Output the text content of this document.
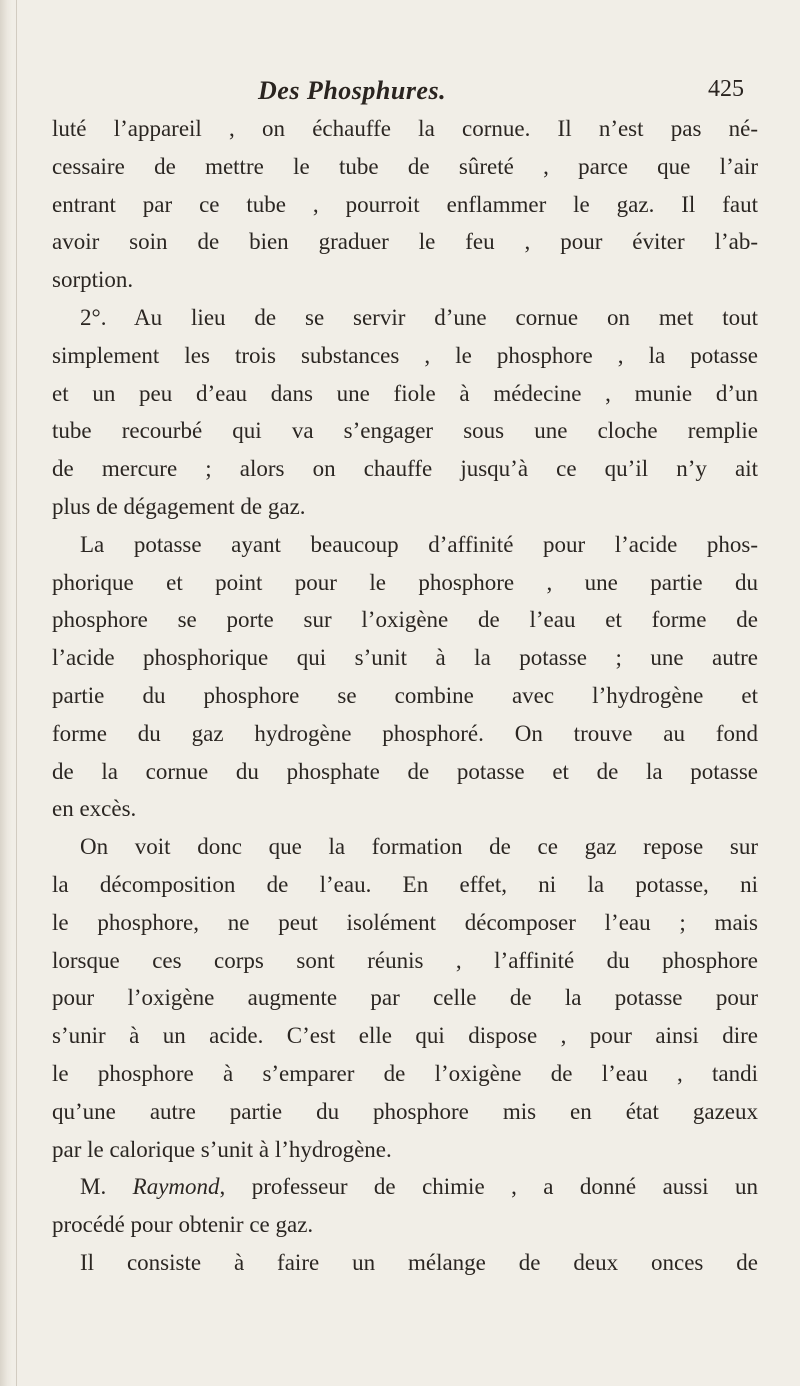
Des Phosphures.	425
luté l’appareil , on échauffe la cornue. Il n’est pas né-
cessaire de mettre le tube de sûreté , parce que l’air
entrant par ce tube , pourroit enflammer le gaz. Il faut
avoir soin de bien graduer le feu , pour éviter l’ab-
sorption.
2°. Au lieu de se servir d’une cornue on met tout
simplement les trois substances , le phosphore , la potasse
et un peu d’eau dans une fiole à médecine , munie d’un
tube recourbé qui va s’engager sous une cloche remplie
de mercure ; alors on chauffe jusqu’à ce qu’il n’y ait
plus de dégagement de gaz.
La potasse ayant beaucoup d’affinité pour l’acide phos-
phorique et point pour le phosphore , une partie du
phosphore se porte sur l’oxigène de l’eau et forme de
l’acide phosphorique qui s’unit à la potasse ; une autre
partie du phosphore se combine avec l’hydrogène et
forme du gaz hydrogène phosphoré. On trouve au fond
de la cornue du phosphate de potasse et de la potasse
en excès.
On voit donc que la formation de ce gaz repose sur
la décomposition de l’eau. En effet, ni la potasse, ni
le phosphore, ne peut isolément décomposer l’eau ; mais
lorsque ces corps sont réunis , l’affinité du phosphore
pour l’oxigène augmente par celle de la potasse pour
s’unir à un acide. C’est elle qui dispose , pour ainsi dire
le phosphore à s’emparer de l’oxigène de l’eau , tandi
qu’une autre partie du phosphore mis en état gazeux
par le calorique s’unit à l’hydrogène.
M. Raymond, professeur de chimie , a donné aussi un
procédé pour obtenir ce gaz.
Il consiste à faire un mélange de deux onces de
